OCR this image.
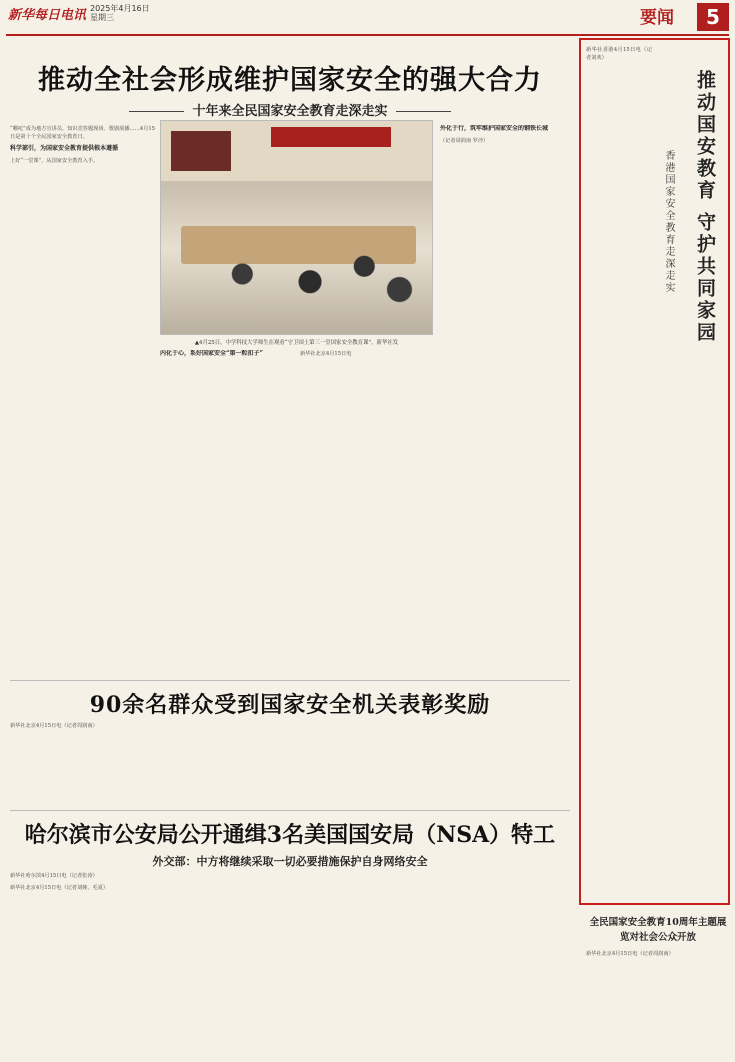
新华每日电讯 2025年4月16日
星期三	要闻	5
推动全社会形成维护国家安全的强大合力
十年来全民国家安全教育走深走实

“哪吒”成为地方宣讲员、知识竞答题现场、歌剧展播……4月15日是第十个全民国家安全教育日。

科学部引，为国家安全教育提供根本遵循

上好“一堂课”，从国家安全教育入手。

▲4月25日，中学科技大学师生在观看“守卫国土第三一堂国家安全教育课”。新华社发

内化于心，系好国家安全“第一粒扣子”	新华社北京4月15日电

外化于行，筑牢维护国家安全的钢铁长城

（记者周润南 罗沙）

90余名群众受到国家安全机关表彰奖励

新华社北京4月15日电（记者周润南）

哈尔滨市公安局公开通缉3名美国国安局（NSA）特工
外交部：中方将继续采取一切必要措施保护自身网络安全

新华社哈尔滨4月15日电（记者张涛）

新华社北京4月15日电（记者刘娅、毛夏）

新华社香港4月15日电（记者刘欢）

推动国安教育 守护共同家园
香港国家安全教育走深走实
全民国家安全教育10周年主题展览对社会公众开放

新华社北京4月15日电（记者周润南）
